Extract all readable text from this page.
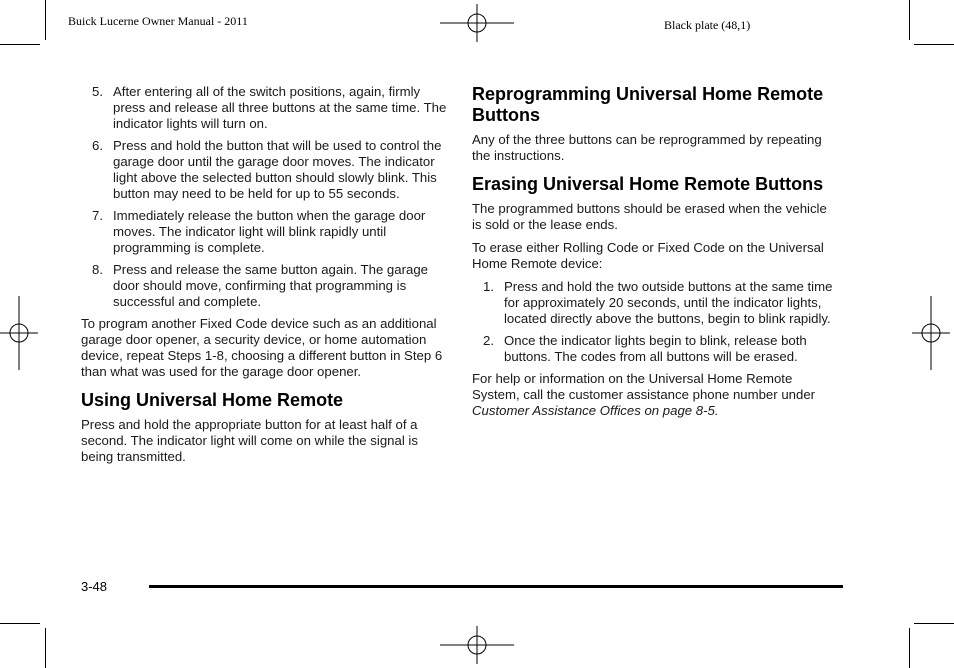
Buick Lucerne Owner Manual - 2011	Black plate (48,1)
5. After entering all of the switch positions, again, firmly press and release all three buttons at the same time. The indicator lights will turn on.
6. Press and hold the button that will be used to control the garage door until the garage door moves. The indicator light above the selected button should slowly blink. This button may need to be held for up to 55 seconds.
7. Immediately release the button when the garage door moves. The indicator light will blink rapidly until programming is complete.
8. Press and release the same button again. The garage door should move, confirming that programming is successful and complete.

To program another Fixed Code device such as an additional garage door opener, a security device, or home automation device, repeat Steps 1-8, choosing a different button in Step 6 than what was used for the garage door opener.

Using Universal Home Remote

Press and hold the appropriate button for at least half of a second. The indicator light will come on while the signal is being transmitted.

Reprogramming Universal Home Remote Buttons

Any of the three buttons can be reprogrammed by repeating the instructions.

Erasing Universal Home Remote Buttons

The programmed buttons should be erased when the vehicle is sold or the lease ends.

To erase either Rolling Code or Fixed Code on the Universal Home Remote device:

1. Press and hold the two outside buttons at the same time for approximately 20 seconds, until the indicator lights, located directly above the buttons, begin to blink rapidly.
2. Once the indicator lights begin to blink, release both buttons. The codes from all buttons will be erased.

For help or information on the Universal Home Remote System, call the customer assistance phone number under Customer Assistance Offices on page 8-5.

3-48
